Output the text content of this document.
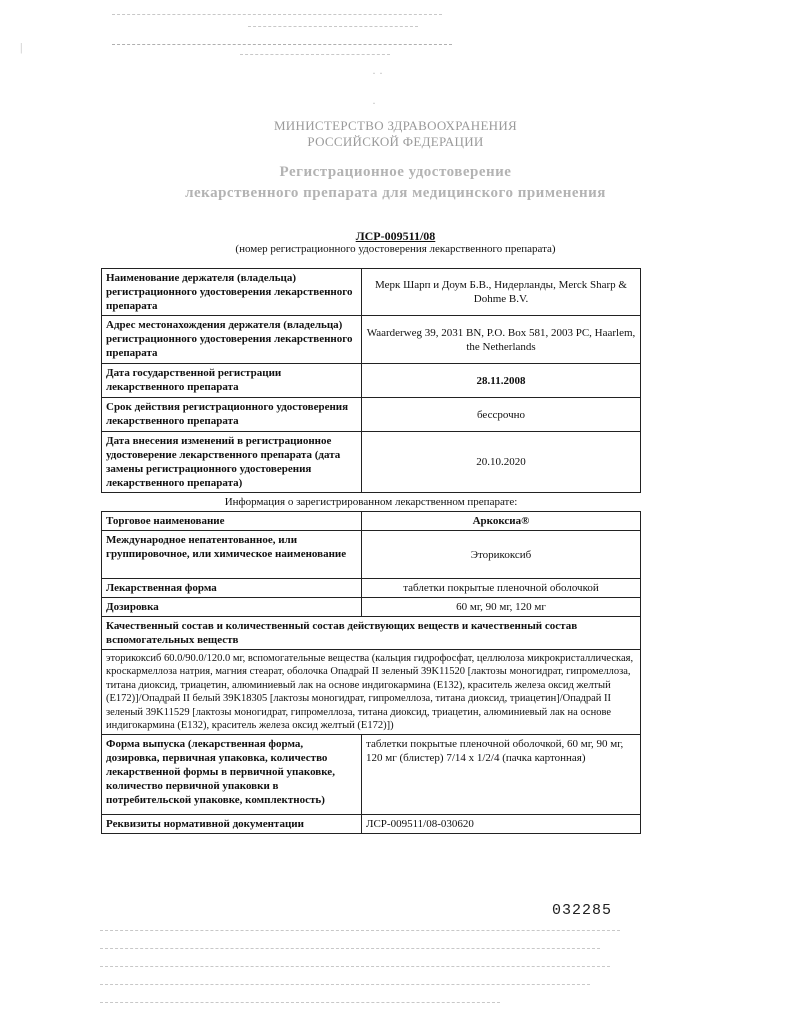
· ·
·
|
МИНИСТЕРСТВО ЗДРАВООХРАНЕНИЯ
РОССИЙСКОЙ ФЕДЕРАЦИИ
Регистрационное удостоверение
лекарственного препарата для медицинского применения
ЛСР-009511/08
(номер регистрационного удостоверения лекарственного препарата)
Наименование держателя (владельца) регистрационного удостоверения лекарственного препарата	Мерк Шарп и Доум Б.В., Нидерланды, Merck Sharp & Dohme B.V.
Адрес местонахождения держателя (владельца) регистрационного удостоверения лекарственного препарата	Waarderweg 39, 2031 BN, P.O. Box 581, 2003 PC, Haarlem, the Netherlands
Дата государственной регистрации лекарственного препарата	28.11.2008
Срок действия регистрационного удостоверения лекарственного препарата	бессрочно
Дата внесения изменений в регистрационное удостоверение лекарственного препарата (дата замены регистрационного удостоверения лекарственного препарата)	20.10.2020
Информация о зарегистрированном лекарственном препарате:	
Торговое наименование	Аркоксиа®
Международное непатентованное, или группировочное, или химическое наименование	Эторикоксиб
Лекарственная форма	таблетки покрытые пленочной оболочкой
Дозировка	60 мг, 90 мг, 120 мг
Качественный состав и количественный состав действующих веществ и качественный состав вспомогательных веществ	
эторикоксиб 60.0/90.0/120.0 мг, вспомогательные вещества (кальция гидрофосфат, целлюлоза микрокристаллическая, кроскармеллоза натрия, магния стеарат, оболочка Опадрай II зеленый 39K11520 [лактозы моногидрат, гипромеллоза, титана диоксид, триацетин, алюминиевый лак на основе индигокармина (E132), краситель железа оксид желтый (E172)]/Опадрай II белый 39K18305 [лактозы моногидрат, гипромеллоза, титана диоксид, триацетин]/Опадрай II зеленый 39K11529 [лактозы моногидрат, гипромеллоза, титана диоксид, триацетин, алюминиевый лак на основе индигокармина (E132), краситель железа оксид желтый (E172)])	
Форма выпуска (лекарственная форма, дозировка, первичная упаковка, количество лекарственной формы в первичной упаковке, количество первичной упаковки в потребительской упаковке, комплектность)	таблетки покрытые пленочной оболочкой, 60 мг, 90 мг, 120 мг (блистер) 7/14 х 1/2/4 (пачка картонная)
Реквизиты нормативной документации	ЛСР-009511/08-030620
032285
